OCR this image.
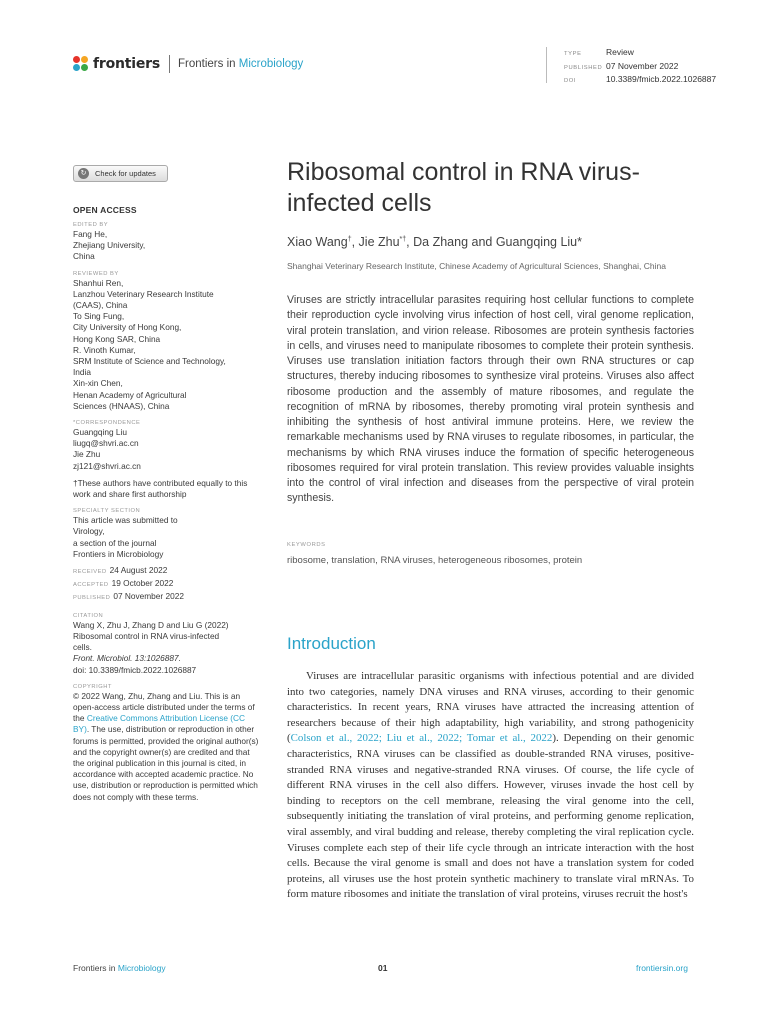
frontiers Frontiers in Microbiology
TYPE	Review
PUBLISHED 07 November 2022
DOI	10.3389/fmicb.2022.1026887
↻	Check for updates
OPEN ACCESS
EDITED BY
Fang He,
Zhejiang University,
China
REVIEWED BY
Shanhui Ren,
Lanzhou Veterinary Research Institute
(CAAS), China
To Sing Fung,
City University of Hong Kong,
Hong Kong SAR, China
R. Vinoth Kumar,
SRM Institute of Science and Technology,
India
Xin-xin Chen,
Henan Academy of Agricultural
Sciences (HNAAS), China
*CORRESPONDENCE
Guangqing Liu
liugq@shvri.ac.cn
Jie Zhu
zj121@shvri.ac.cn
†These authors have contributed equally to this work and share first authorship
SPECIALTY SECTION
This article was submitted to
Virology,
a section of the journal
Frontiers in Microbiology
RECEIVED 24 August 2022
ACCEPTED 19 October 2022
PUBLISHED 07 November 2022
CITATION
Wang X, Zhu J, Zhang D and Liu G (2022)
Ribosomal control in RNA virus-infected
cells.
Front. Microbiol. 13:1026887.
doi: 10.3389/fmicb.2022.1026887
COPYRIGHT
© 2022 Wang, Zhu, Zhang and Liu. This is an open-access article distributed under the terms of the Creative Commons Attribution License (CC BY). The use, distribution or reproduction in other forums is permitted, provided the original author(s) and the copyright owner(s) are credited and that the original publication in this journal is cited, in accordance with accepted academic practice. No use, distribution or reproduction is permitted which does not comply with these terms.
Ribosomal control in RNA virus-infected cells
Xiao Wang†, Jie Zhu*†, Da Zhang and Guangqing Liu*
Shanghai Veterinary Research Institute, Chinese Academy of Agricultural Sciences, Shanghai, China
Viruses are strictly intracellular parasites requiring host cellular functions to complete their reproduction cycle involving virus infection of host cell, viral genome replication, viral protein translation, and virion release. Ribosomes are protein synthesis factories in cells, and viruses need to manipulate ribosomes to complete their protein synthesis. Viruses use translation initiation factors through their own RNA structures or cap structures, thereby inducing ribosomes to synthesize viral proteins. Viruses also affect ribosome production and the assembly of mature ribosomes, and regulate the recognition of mRNA by ribosomes, thereby promoting viral protein synthesis and inhibiting the synthesis of host antiviral immune proteins. Here, we review the remarkable mechanisms used by RNA viruses to regulate ribosomes, in particular, the mechanisms by which RNA viruses induce the formation of specific heterogeneous ribosomes required for viral protein translation. This review provides valuable insights into the control of viral infection and diseases from the perspective of viral protein synthesis.
KEYWORDS
ribosome, translation, RNA viruses, heterogeneous ribosomes, protein
Introduction
Viruses are intracellular parasitic organisms with infectious potential and are divided into two categories, namely DNA viruses and RNA viruses, according to their genomic characteristics. In recent years, RNA viruses have attracted the increasing attention of researchers because of their high adaptability, high variability, and strong pathogenicity (Colson et al., 2022; Liu et al., 2022; Tomar et al., 2022). Depending on their genomic characteristics, RNA viruses can be classified as double-stranded RNA viruses, positive-stranded RNA viruses and negative-stranded RNA viruses. Of course, the life cycle of different RNA viruses in the cell also differs. However, viruses invade the host cell by binding to receptors on the cell membrane, releasing the viral genome into the cell, subsequently initiating the translation of viral proteins, and performing genome replication, viral assembly, and viral budding and release, thereby completing the viral replication cycle. Viruses complete each step of their life cycle through an intricate interaction with the host cells. Because the viral genome is small and does not have a translation system for coded proteins, all viruses use the host protein synthetic machinery to translate viral mRNAs. To form mature ribosomes and initiate the translation of viral proteins, viruses recruit the host's
Frontiers in Microbiology	01	frontiersin.org
